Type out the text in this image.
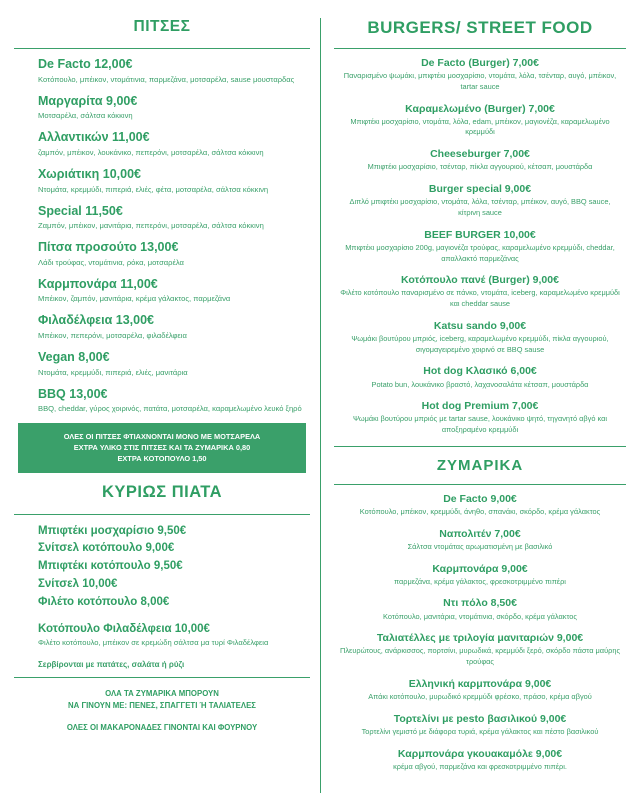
ΠΙΤΣΕΣ
De Facto 12,00€
Κοτόπουλο, μπέικον, ντομάτινια, παρμεζάνα, μοτσαρέλα, sause μουσταρδας
Μαργαρίτα 9,00€
Μοτσαρέλα, σάλτσα κόκκινη
Αλλαντικών 11,00€
ζαμπόν, μπέικον, λουκάνικο, πεπερόνι, μοτσαρέλα, σάλτσα κόκκινη
Χωριάτικη 10,00€
Ντομάτα, κρεμμύδι, πιπεριά, ελιές, φέτα, μοτσαρέλα, σάλτσα κόκκινη
Special 11,50€
Ζαμπόν, μπέικον, μανιτάρια, πεπερόνι, μοτσαρέλα, σάλτσα κόκκινη
Πίτσα προσούτο 13,00€
Λάδι τρούφας, ντομάτινια, ρόκα, μοτσαρέλα
Καρμπονάρα 11,00€
Μπέικον, ζαμπόν, μανιτάρια, κρέμα γάλακτος, παρμεζάνα
Φιλαδέλφεια 13,00€
Μπέικον, πεπερόνι, μοτσαρέλα, φιλαδέλφεια
Vegan 8,00€
Ντομάτα, κρεμμύδι, πιπεριά, ελιές, μανιτάρια
BBQ 13,00€
BBQ, cheddar, γύρος χοιρινός, πατάτα, μοτσαρέλα, καραμελωμένο λευκό ξηρό
ΟΛΕΣ ΟΙ ΠΙΤΣΕΣ ΦΤΙΑΧΝΟΝΤΑΙ ΜΟΝΟ ΜΕ ΜΟΤΣΑΡΕΛΑ
ΕΧΤΡΑ ΥΛΙΚΟ ΣΤΙΣ ΠΙΤΣΕΣ ΚΑΙ ΤΑ ΖΥΜΑΡΙΚΑ 0,80
ΕΧΤΡΑ ΚΟΤΟΠΟΥΛΟ 1,50
ΚΥΡΙΩΣ ΠΙΑΤΑ
Μπιφτέκι μοσχαρίσιο 9,50€
Σνίτσελ κοτόπουλο 9,00€
Μπιφτέκι κοτόπουλο 9,50€
Σνίτσελ 10,00€
Φιλέτο κοτόπουλο 8,00€
Κοτόπουλο Φιλαδέλφεια 10,00€
Φιλέτο κοτόπουλο, μπέικον σε κρεμώδη σάλτσα μα τυρί Φιλαδέλφεια
Σερβίρονται με πατάτες, σαλάτα ή ρύζι
ΟΛΑ ΤΑ ΖΥΜΑΡΙΚΑ ΜΠΟΡΟΥΝ
ΝΑ ΓΙΝΟΥΝ ΜΕ: ΠΕΝΕΣ, ΣΠΑΓΓΕΤΙ Ή ΤΑΛΙΑΤΕΛΕΣ
ΟΛΕΣ ΟΙ ΜΑΚΑΡΟΝΑΔΕΣ ΓΙΝΟΝΤΑΙ ΚΑΙ ΦΟΥΡΝΟΥ
BURGERS/ STREET FOOD
De Facto (Burger) 7,00€
Παναρισμένο ψωμάκι, μπιφτέκι μοσχαρίσιο, ντομάτα, λόλα, τσένταρ, αυγό, μπέικον, tartar sauce
Καραμελωμένο (Burger) 7,00€
Μπιφτέκι μοσχαρίσιο, ντομάτα, λόλα, edam, μπέικον, μαγιονέζα, καραμελωμένο κρεμμύδι
Cheeseburger 7,00€
Μπιφτέκι μοσχαρίσιο, τσένταρ, πίκλα αγγουριού, κέτσαπ, μουστάρδα
Burger special 9,00€
Διπλό μπιφτέκι μοσχαρίσιο, ντομάτα, λόλα, τσένταρ, μπέικον, αυγό, BBQ sauce, κίτρινη sauce
BEEF BURGER 10,00€
Μπιφτέκι μοσχαρίσιο 200g, μαγιονέζα τρούφας, καραμελωμένο κρεμμύδι, cheddar, απαλλακτό παρμεζάνας
Κοτόπουλο πανέ (Burger) 9,00€
Φιλέτο κοτόπουλο παναρισμένο σε πάνκο, ντομάτα, iceberg, καραμελωμένο κρεμμύδι και cheddar sause
Katsu sando 9,00€
Ψωμάκι βουτύρου μπριός, iceberg, καραμελωμένο κρεμμύδι, πίκλα αγγουριού, σιγομαγειρεμένο χοιρινό σε BBQ sause
Hot dog Κλασικό 6,00€
Potato bun, λουκάνικο βραστό, λαχανοσαλάτα κέτσαπ, μουστάρδα
Hot dog Premium 7,00€
Ψωμάκι βουτύρου μπριός με tartar sause, λουκάνικο ψητό, τηγανητό αβγό και αποξηραμένο κρεμμύδι
ΖΥΜΑΡΙΚΑ
De Facto 9,00€
Κοτόπουλο, μπέικον, κρεμμύδι, άνηθο, σπανάκι, σκόρδο, κρέμα γάλακτος
Ναπολιτέν 7,00€
Σάλτσα ντομάτας αρωματισμένη με βασιλικό
Καρμπονάρα 9,00€
παρμεζάνα, κρέμα γάλακτος, φρεσκοτριμμένο πιπέρι
Ντι πόλο 8,50€
Κοτόπουλο, μανιτάρια, ντομάτινια, σκόρδο, κρέμα γάλακτος
Ταλιατέλλες με τριλογία μανιταριών 9,00€
Πλευρώτους, ανάρκισσος, πορτσίνι, μυρωδικά, κρεμμύδι ξερό, σκόρδο πάστα μαύρης τρούφας
Ελληνική καρμπονάρα 9,00€
Απάκι κοτόπουλο, μυρωδικό κρεμμύδι φρέσκο, πράσο, κρέμα αβγού
Τορτελίνι με pesto βασιλικού 9,00€
Τορτελίνι γεμιστό με διάφορα τυριά, κρέμα γάλακτος και πέστο βασιλικού
Καρμπονάρα γκουακαμόλε 9,00€
κρέμα αβγού, παρμεζάνα και φρεσκοτριμμένο πιπέρι.
